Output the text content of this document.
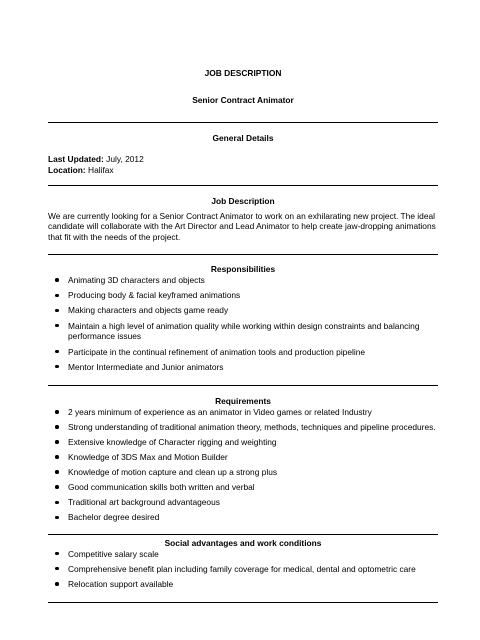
JOB DESCRIPTION

Senior Contract Animator

General Details

Last Updated: July, 2012

Location: Halifax

Job Description

We are currently looking for a Senior Contract Animator to work on an exhilarating new project. The ideal candidate will collaborate with the Art Director and Lead Animator to help create jaw-dropping animations that fit with the needs of the project.

Responsibilities

Animating 3D characters and objects
Producing body & facial keyframed animations
Making characters and objects game ready
Maintain a high level of animation quality while working within design constraints and balancing performance issues
Participate in the continual refinement of animation tools and production pipeline
Mentor Intermediate and Junior animators

Requirements

2 years minimum of experience as an animator in Video games or related Industry
Strong understanding of traditional animation theory, methods, techniques and pipeline procedures.
Extensive knowledge of Character rigging and weighting
Knowledge of 3DS Max and Motion Builder
Knowledge of motion capture and clean up a strong plus
Good communication skills both written and verbal
Traditional art background advantageous
Bachelor degree desired

Social advantages and work conditions

Competitive salary scale
Comprehensive benefit plan including family coverage for medical, dental and optometric care
Relocation support available
